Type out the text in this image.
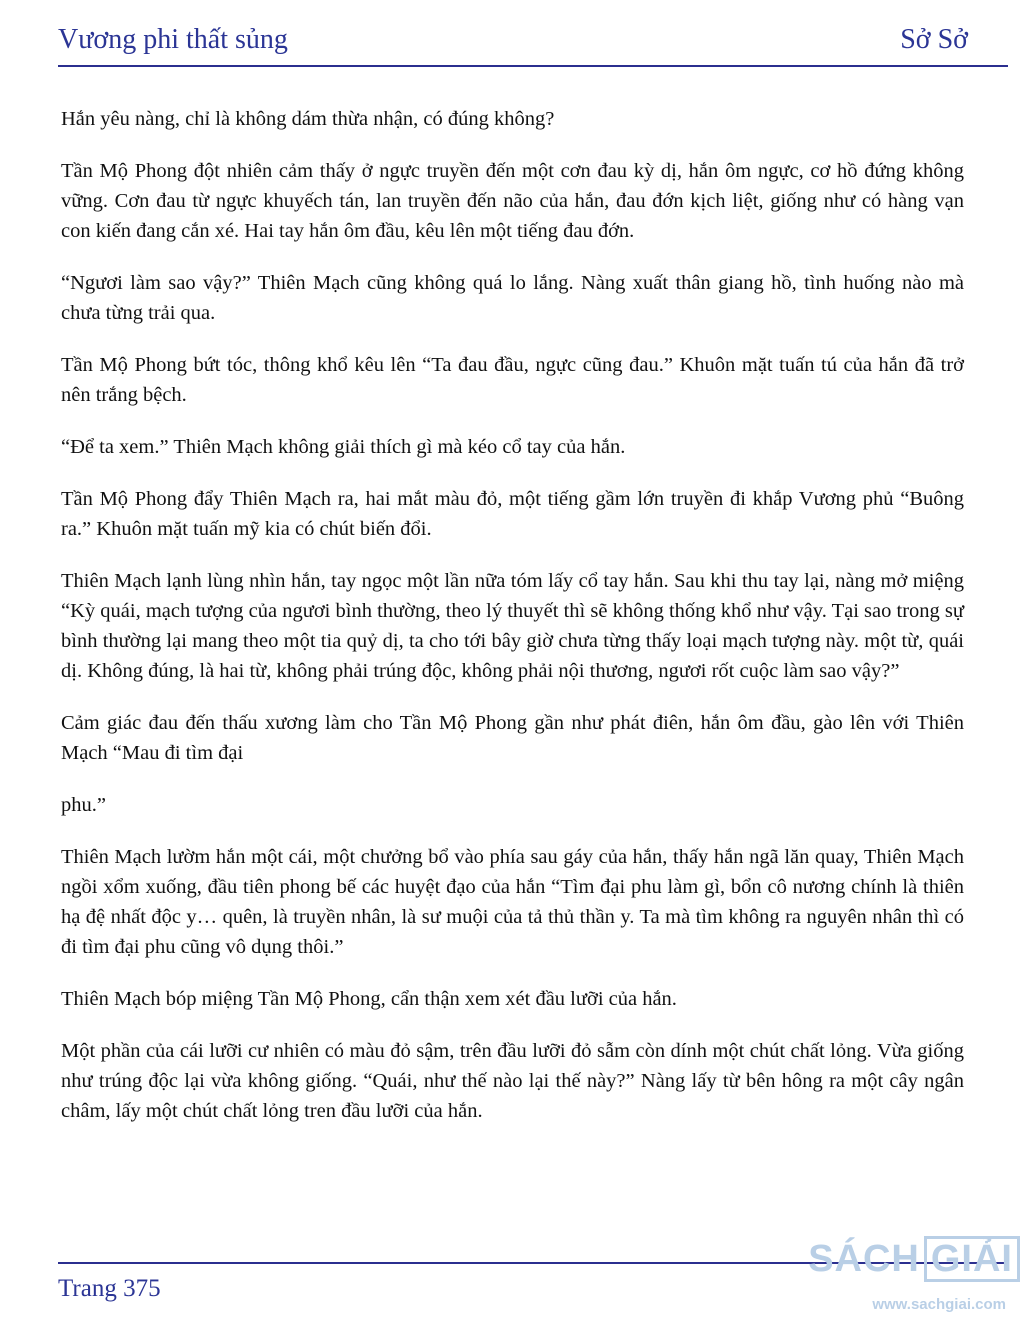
Vương phi thất sủng	Sở Sở

Hắn yêu nàng, chỉ là không dám thừa nhận, có đúng không?

Tần Mộ Phong đột nhiên cảm thấy ở ngực truyền đến một cơn đau kỳ dị, hắn ôm ngực, cơ hồ đứng không vững. Cơn đau từ ngực khuyếch tán, lan truyền đến não của hắn, đau đớn kịch liệt, giống như có hàng vạn con kiến đang cắn xé. Hai tay hắn ôm đầu, kêu lên một tiếng đau đớn.

“Ngươi làm sao vậy?” Thiên Mạch cũng không quá lo lắng. Nàng xuất thân giang hồ, tình huống nào mà chưa từng trải qua.

Tần Mộ Phong bứt tóc, thông khổ kêu lên “Ta đau đầu, ngực cũng đau.” Khuôn mặt tuấn tú của hắn đã trở nên trắng bệch.

“Để ta xem.” Thiên Mạch không giải thích gì mà kéo cổ tay của hắn.

Tần Mộ Phong đẩy Thiên Mạch ra, hai mắt màu đỏ, một tiếng gầm lớn truyền đi khắp Vương phủ “Buông ra.” Khuôn mặt tuấn mỹ kia có chút biến đổi.

Thiên Mạch lạnh lùng nhìn hắn, tay ngọc một lần nữa tóm lấy cổ tay hắn. Sau khi thu tay lại, nàng mở miệng “Kỳ quái, mạch tượng của ngươi bình thường, theo lý thuyết thì sẽ không thống khổ như vậy. Tại sao trong sự bình thường lại mang theo một tia quỷ dị, ta cho tới bây giờ chưa từng thấy loại mạch tượng này. một từ, quái dị. Không đúng, là hai từ, không phải trúng độc, không phải nội thương, ngươi rốt cuộc làm sao vậy?”

Cảm giác đau đến thấu xương làm cho Tần Mộ Phong gần như phát điên, hắn ôm đầu, gào lên với Thiên Mạch “Mau đi tìm đại

phu.”

Thiên Mạch lườm hắn một cái, một chưởng bổ vào phía sau gáy của hắn, thấy hắn ngã lăn quay, Thiên Mạch ngồi xổm xuống, đầu tiên phong bế các huyệt đạo của hắn “Tìm đại phu làm gì, bổn cô nương chính là thiên hạ đệ nhất độc y… quên, là truyền nhân, là sư muội của tả thủ thần y. Ta mà tìm không ra nguyên nhân thì có đi tìm đại phu cũng vô dụng thôi.”

Thiên Mạch bóp miệng Tần Mộ Phong, cẩn thận xem xét đầu lưỡi của hắn.

Một phần của cái lưỡi cư nhiên có màu đỏ sậm, trên đầu lưỡi đỏ sẫm còn dính một chút chất lỏng. Vừa giống như trúng độc lại vừa không giống. “Quái, như thế nào lại thế này?” Nàng lấy từ bên hông ra một cây ngân châm, lấy một chút chất lỏng tren đầu lưỡi của hắn.

Trang 375
SÁCH GIẢI
www.sachgiai.com
